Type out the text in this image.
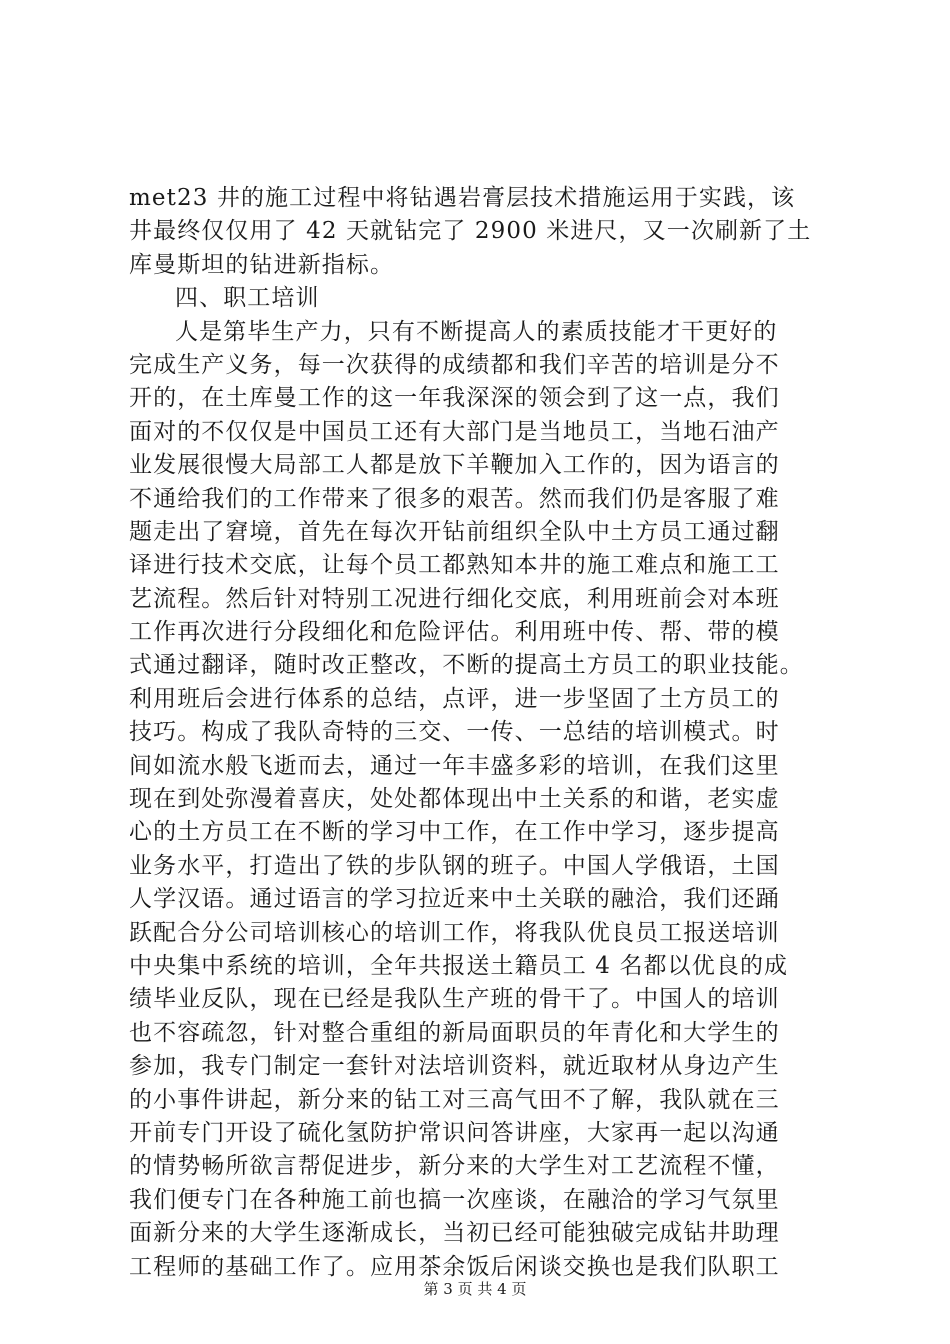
met23 井的施工过程中将钻遇岩膏层技术措施运用于实践，该
井最终仅仅用了 42 天就钻完了 2900 米进尺，又一次刷新了土
库曼斯坦的钻进新指标。
四、职工培训
人是第毕生产力，只有不断提高人的素质技能才干更好的
完成生产义务，每一次获得的成绩都和我们辛苦的培训是分不
开的，在土库曼工作的这一年我深深的领会到了这一点，我们
面对的不仅仅是中国员工还有大部门是当地员工，当地石油产
业发展很慢大局部工人都是放下羊鞭加入工作的，因为语言的
不通给我们的工作带来了很多的艰苦。然而我们仍是客服了难
题走出了窘境，首先在每次开钻前组织全队中土方员工通过翻
译进行技术交底，让每个员工都熟知本井的施工难点和施工工
艺流程。然后针对特别工况进行细化交底，利用班前会对本班
工作再次进行分段细化和危险评估。利用班中传、帮、带的模
式通过翻译，随时改正整改，不断的提高土方员工的职业技能。
利用班后会进行体系的总结，点评，进一步坚固了土方员工的
技巧。构成了我队奇特的三交、一传、一总结的培训模式。时
间如流水般飞逝而去，通过一年丰盛多彩的培训，在我们这里
现在到处弥漫着喜庆，处处都体现出中土关系的和谐，老实虚
心的土方员工在不断的学习中工作，在工作中学习，逐步提高
业务水平，打造出了铁的步队钢的班子。中国人学俄语，土国
人学汉语。通过语言的学习拉近来中土关联的融洽，我们还踊
跃配合分公司培训核心的培训工作，将我队优良员工报送培训
中央集中系统的培训，全年共报送土籍员工 4 名都以优良的成
绩毕业反队，现在已经是我队生产班的骨干了。中国人的培训
也不容疏忽，针对整合重组的新局面职员的年青化和大学生的
参加，我专门制定一套针对法培训资料，就近取材从身边产生
的小事件讲起，新分来的钻工对三高气田不了解，我队就在三
开前专门开设了硫化氢防护常识问答讲座，大家再一起以沟通
的情势畅所欲言帮促进步，新分来的大学生对工艺流程不懂，
我们便专门在各种施工前也搞一次座谈，在融洽的学习气氛里
面新分来的大学生逐渐成长，当初已经可能独破完成钻井助理
工程师的基础工作了。应用茶余饭后闲谈交换也是我们队职工
第 3 页 共 4 页
